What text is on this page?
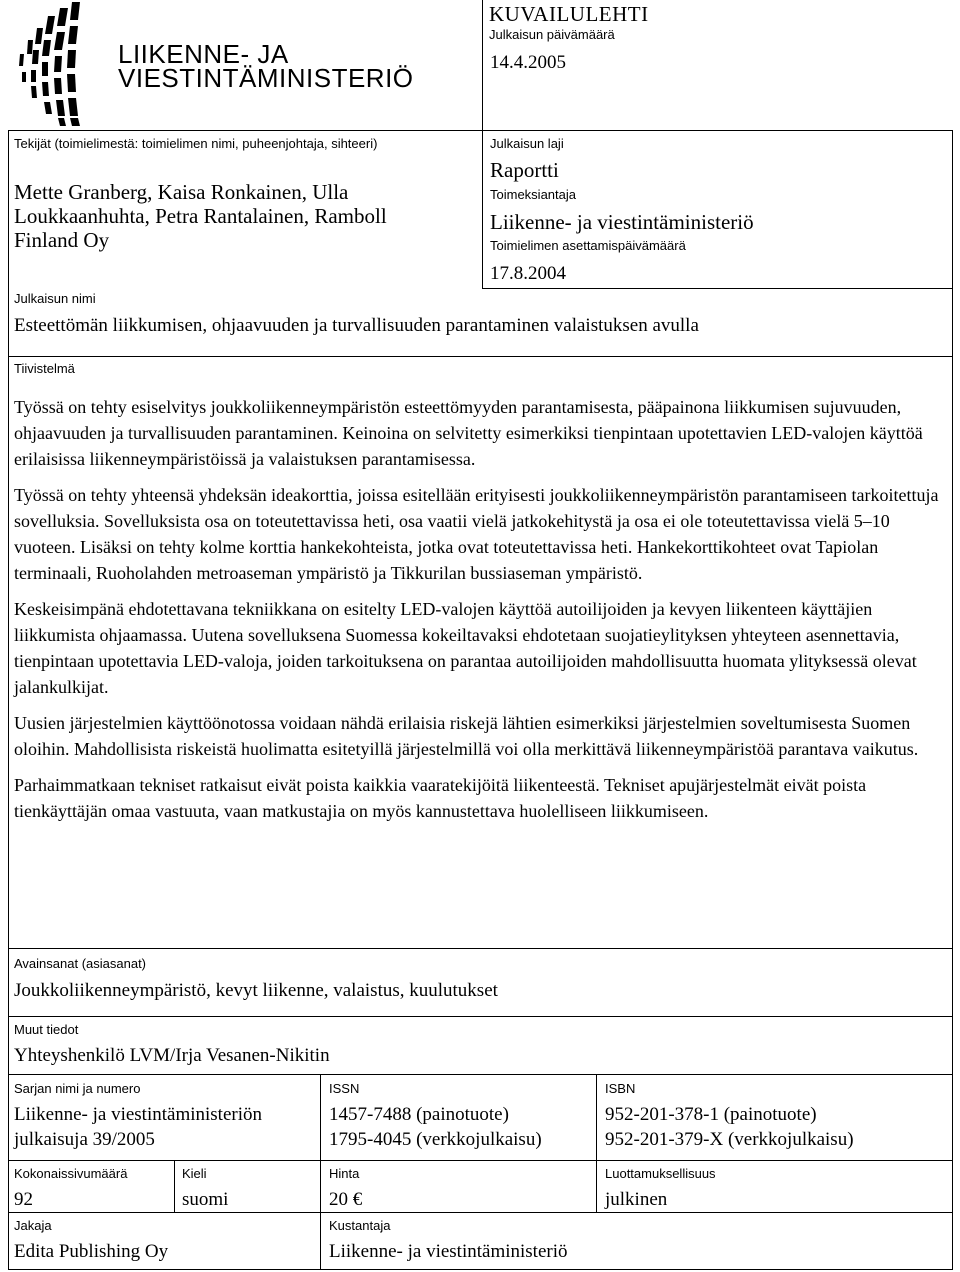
LIIKENNE- JA
VIESTINTÄMINISTERIÖ
KUVAILULEHTI
Julkaisun päivämäärä
14.4.2005
Tekijät (toimielimestä: toimielimen nimi, puheenjohtaja, sihteeri)
Mette Granberg, Kaisa Ronkainen, Ulla Loukkaanhuhta, Petra Rantalainen, Ramboll Finland Oy
Julkaisun laji
Raportti
Toimeksiantaja
Liikenne- ja viestintäministeriö
Toimielimen asettamispäivämäärä
17.8.2004
Julkaisun nimi
Esteettömän liikkumisen, ohjaavuuden ja turvallisuuden parantaminen valaistuksen avulla
Tiivistelmä

Työssä on tehty esiselvitys joukkoliikenneympäristön esteettömyyden parantamisesta, pääpainona liikkumisen sujuvuuden, ohjaavuuden ja turvallisuuden parantaminen. Keinoina on selvitetty esimerkiksi tienpintaan upotettavien LED-valojen käyttöä erilaisissa liikenneympäristöissä ja valaistuksen parantamisessa.

Työssä on tehty yhteensä yhdeksän ideakorttia, joissa esitellään erityisesti joukkoliikenneympäristön parantamiseen tarkoitettuja sovelluksia. Sovelluksista osa on toteutettavissa heti, osa vaatii vielä jatkokehitystä ja osa ei ole toteutettavissa vielä 5–10 vuoteen. Lisäksi on tehty kolme korttia hankekohteista, jotka ovat toteutettavissa heti. Hankekorttikohteet ovat Tapiolan terminaali, Ruoholahden metroaseman ympäristö ja Tikkurilan bussiaseman ympäristö.

Keskeisimpänä ehdotettavana tekniikkana on esitelty LED-valojen käyttöä autoilijoiden ja kevyen liikenteen käyttäjien liikkumista ohjaamassa. Uutena sovelluksena Suomessa kokeiltavaksi ehdotetaan suojatieylityksen yhteyteen asennettavia, tienpintaan upotettavia LED-valoja, joiden tarkoituksena on parantaa autoilijoiden mahdollisuutta huomata ylityksessä olevat jalankulkijat.

Uusien järjestelmien käyttöönotossa voidaan nähdä erilaisia riskejä lähtien esimerkiksi järjestelmien soveltumisesta Suomen oloihin. Mahdollisista riskeistä huolimatta esitetyillä järjestelmillä voi olla merkittävä liikenneympäristöä parantava vaikutus.

Parhaimmatkaan tekniset ratkaisut eivät poista kaikkia vaaratekijöitä liikenteestä. Tekniset apujärjestelmät eivät poista tienkäyttäjän omaa vastuuta, vaan matkustajia on myös kannustettava huolelliseen liikkumiseen.

Avainsanat (asiasanat)
Joukkoliikenneympäristö, kevyt liikenne, valaistus, kuulutukset
Muut tiedot
Yhteyshenkilö LVM/Irja Vesanen-Nikitin
Sarjan nimi ja numero
Liikenne- ja viestintäministeriön
julkaisuja 39/2005
ISSN
1457-7488 (painotuote)
1795-4045 (verkkojulkaisu)
ISBN
952-201-378-1 (painotuote)
952-201-379-X (verkkojulkaisu)
Kokonaissivumäärä
92
Kieli
suomi
Hinta
20 €
Luottamuksellisuus
julkinen
Jakaja
Edita Publishing Oy
Kustantaja
Liikenne- ja viestintäministeriö
